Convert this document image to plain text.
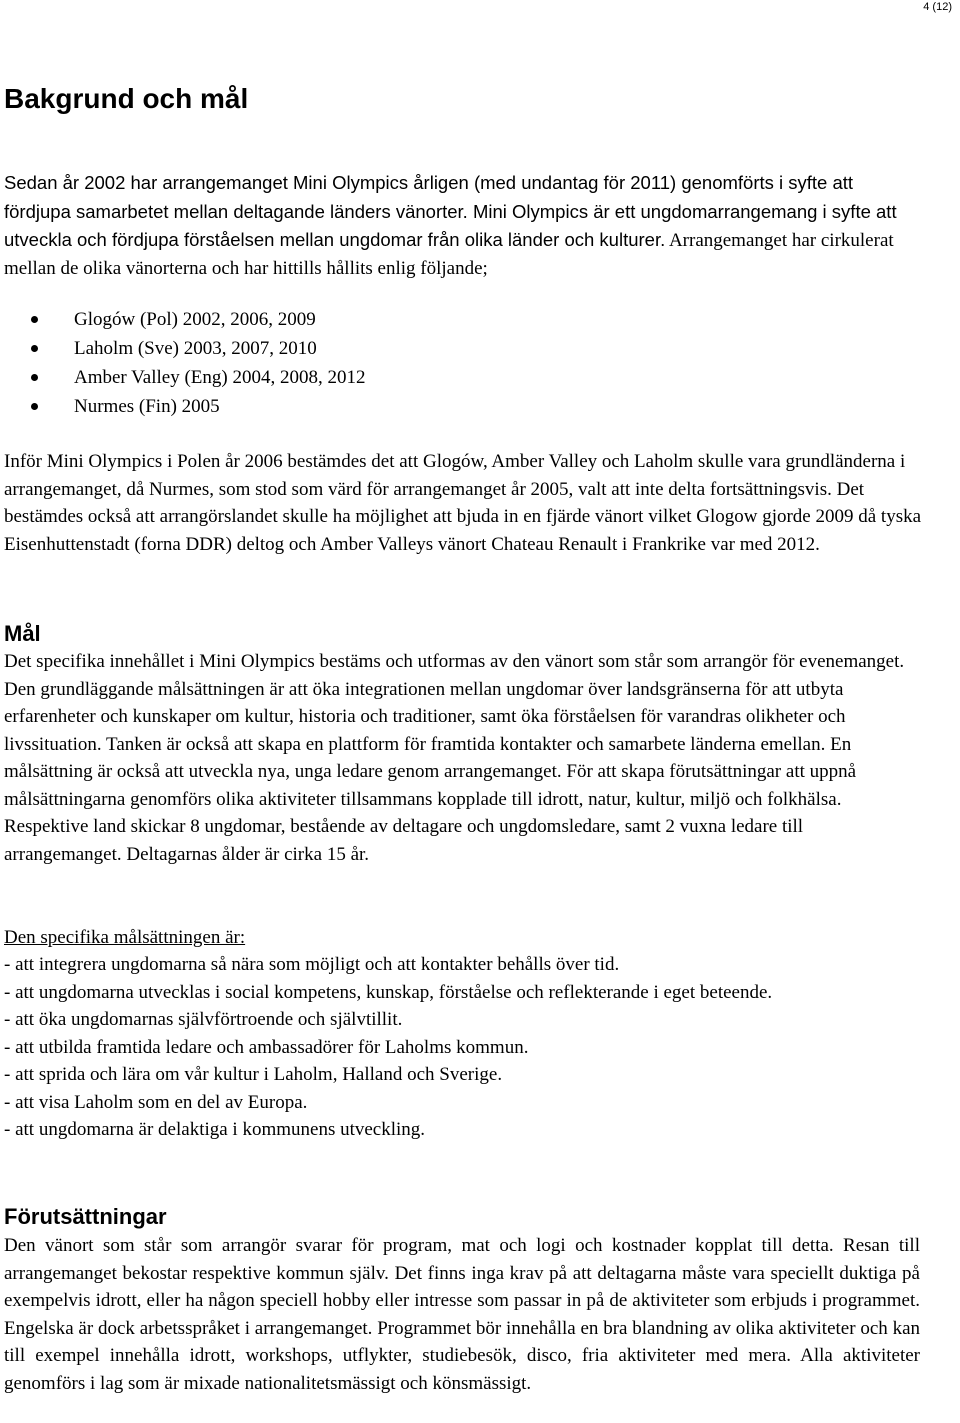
4 (12)
Bakgrund och mål

Sedan år 2002 har arrangemanget Mini Olympics årligen (med undantag för 2011) genomförts i syfte att fördjupa samarbetet mellan deltagande länders vänorter. Mini Olympics är ett ungdomarrangemang i syfte att utveckla och fördjupa förståelsen mellan ungdomar från olika länder och kulturer. Arrangemanget har cirkulerat mellan de olika vänorterna och har hittills hållits enlig följande;

Glogów (Pol) 2002, 2006, 2009
Laholm (Sve) 2003, 2007, 2010
Amber Valley (Eng) 2004, 2008, 2012
Nurmes (Fin) 2005

Inför Mini Olympics i Polen år 2006 bestämdes det att Glogów, Amber Valley och Laholm skulle vara grundländerna i arrangemanget, då Nurmes, som stod som värd för arrangemanget år 2005, valt att inte delta fortsättningsvis. Det bestämdes också att arrangörslandet skulle ha möjlighet att bjuda in en fjärde vänort vilket Glogow gjorde 2009 då tyska Eisenhuttenstadt (forna DDR) deltog och Amber Valleys vänort Chateau Renault i Frankrike var med 2012.

Mål

Det specifika innehållet i Mini Olympics bestäms och utformas av den vänort som står som arrangör för evenemanget. Den grundläggande målsättningen är att öka integrationen mellan ungdomar över landsgränserna för att utbyta erfarenheter och kunskaper om kultur, historia och traditioner, samt öka förståelsen för varandras olikheter och livssituation. Tanken är också att skapa en plattform för framtida kontakter och samarbete länderna emellan. En målsättning är också att utveckla nya, unga ledare genom arrangemanget. För att skapa förutsättningar att uppnå målsättningarna genomförs olika aktiviteter tillsammans kopplade till idrott, natur, kultur, miljö och folkhälsa. Respektive land skickar 8 ungdomar, bestående av deltagare och ungdomsledare, samt 2 vuxna ledare till arrangemanget. Deltagarnas ålder är cirka 15 år.

Den specifika målsättningen är:

- att integrera ungdomarna så nära som möjligt och att kontakter behålls över tid.

- att ungdomarna utvecklas i social kompetens, kunskap, förståelse och reflekterande i eget beteende.

- att öka ungdomarnas självförtroende och självtillit.

- att utbilda framtida ledare och ambassadörer för Laholms kommun.

- att sprida och lära om vår kultur i Laholm, Halland och Sverige.

- att visa Laholm som en del av Europa.

- att ungdomarna är delaktiga i kommunens utveckling.

Förutsättningar

Den vänort som står som arrangör svarar för program, mat och logi och kostnader kopplat till detta. Resan till arrangemanget bekostar respektive kommun själv. Det finns inga krav på att deltagarna måste vara speciellt duktiga på exempelvis idrott, eller ha någon speciell hobby eller intresse som passar in på de aktiviteter som erbjuds i programmet. Engelska är dock arbetsspråket i arrangemanget. Programmet bör innehålla en bra blandning av olika aktiviteter och kan till exempel innehålla idrott, workshops, utflykter, studiebesök, disco, fria aktiviteter med mera. Alla aktiviteter genomförs i lag som är mixade nationalitetsmässigt och könsmässigt.
